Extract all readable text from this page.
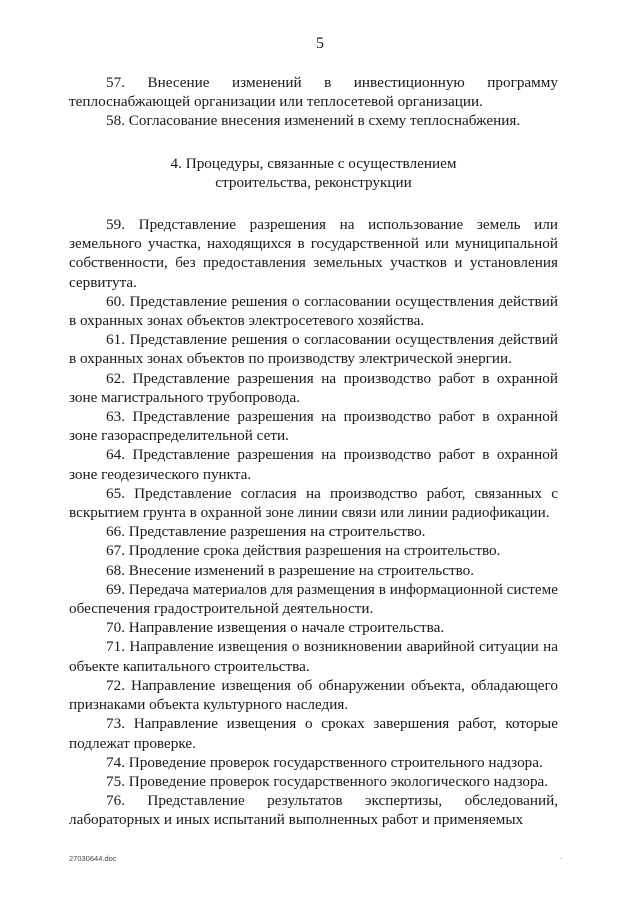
5

57. Внесение изменений в инвестиционную программу теплоснабжающей организации или теплосетевой организации.

58. Согласование внесения изменений в схему теплоснабжения.

4. Процедуры, связанные с осуществлением
строительства, реконструкции

59. Представление разрешения на использование земель или земельного участка, находящихся в государственной или муниципальной собственности, без предоставления земельных участков и установления сервитута.

60. Представление решения о согласовании осуществления действий в охранных зонах объектов электросетевого хозяйства.

61. Представление решения о согласовании осуществления действий в охранных зонах объектов по производству электрической энергии.

62. Представление разрешения на производство работ в охранной зоне магистрального трубопровода.

63. Представление разрешения на производство работ в охранной зоне газораспределительной сети.

64. Представление разрешения на производство работ в охранной зоне геодезического пункта.

65. Представление согласия на производство работ, связанных с вскрытием грунта в охранной зоне линии связи или линии радиофикации.

66. Представление разрешения на строительство.

67. Продление срока действия разрешения на строительство.

68. Внесение изменений в разрешение на строительство.

69. Передача материалов для размещения в информационной системе обеспечения градостроительной деятельности.

70. Направление извещения о начале строительства.

71. Направление извещения о возникновении аварийной ситуации на объекте капитального строительства.

72. Направление извещения об обнаружении объекта, обладающего признаками объекта культурного наследия.

73. Направление извещения о сроках завершения работ, которые подлежат проверке.

74. Проведение проверок государственного строительного надзора.

75. Проведение проверок государственного экологического надзора.

76. Представление результатов экспертизы, обследований, лабораторных и иных испытаний выполненных работ и применяемых

27030644.doc	.
